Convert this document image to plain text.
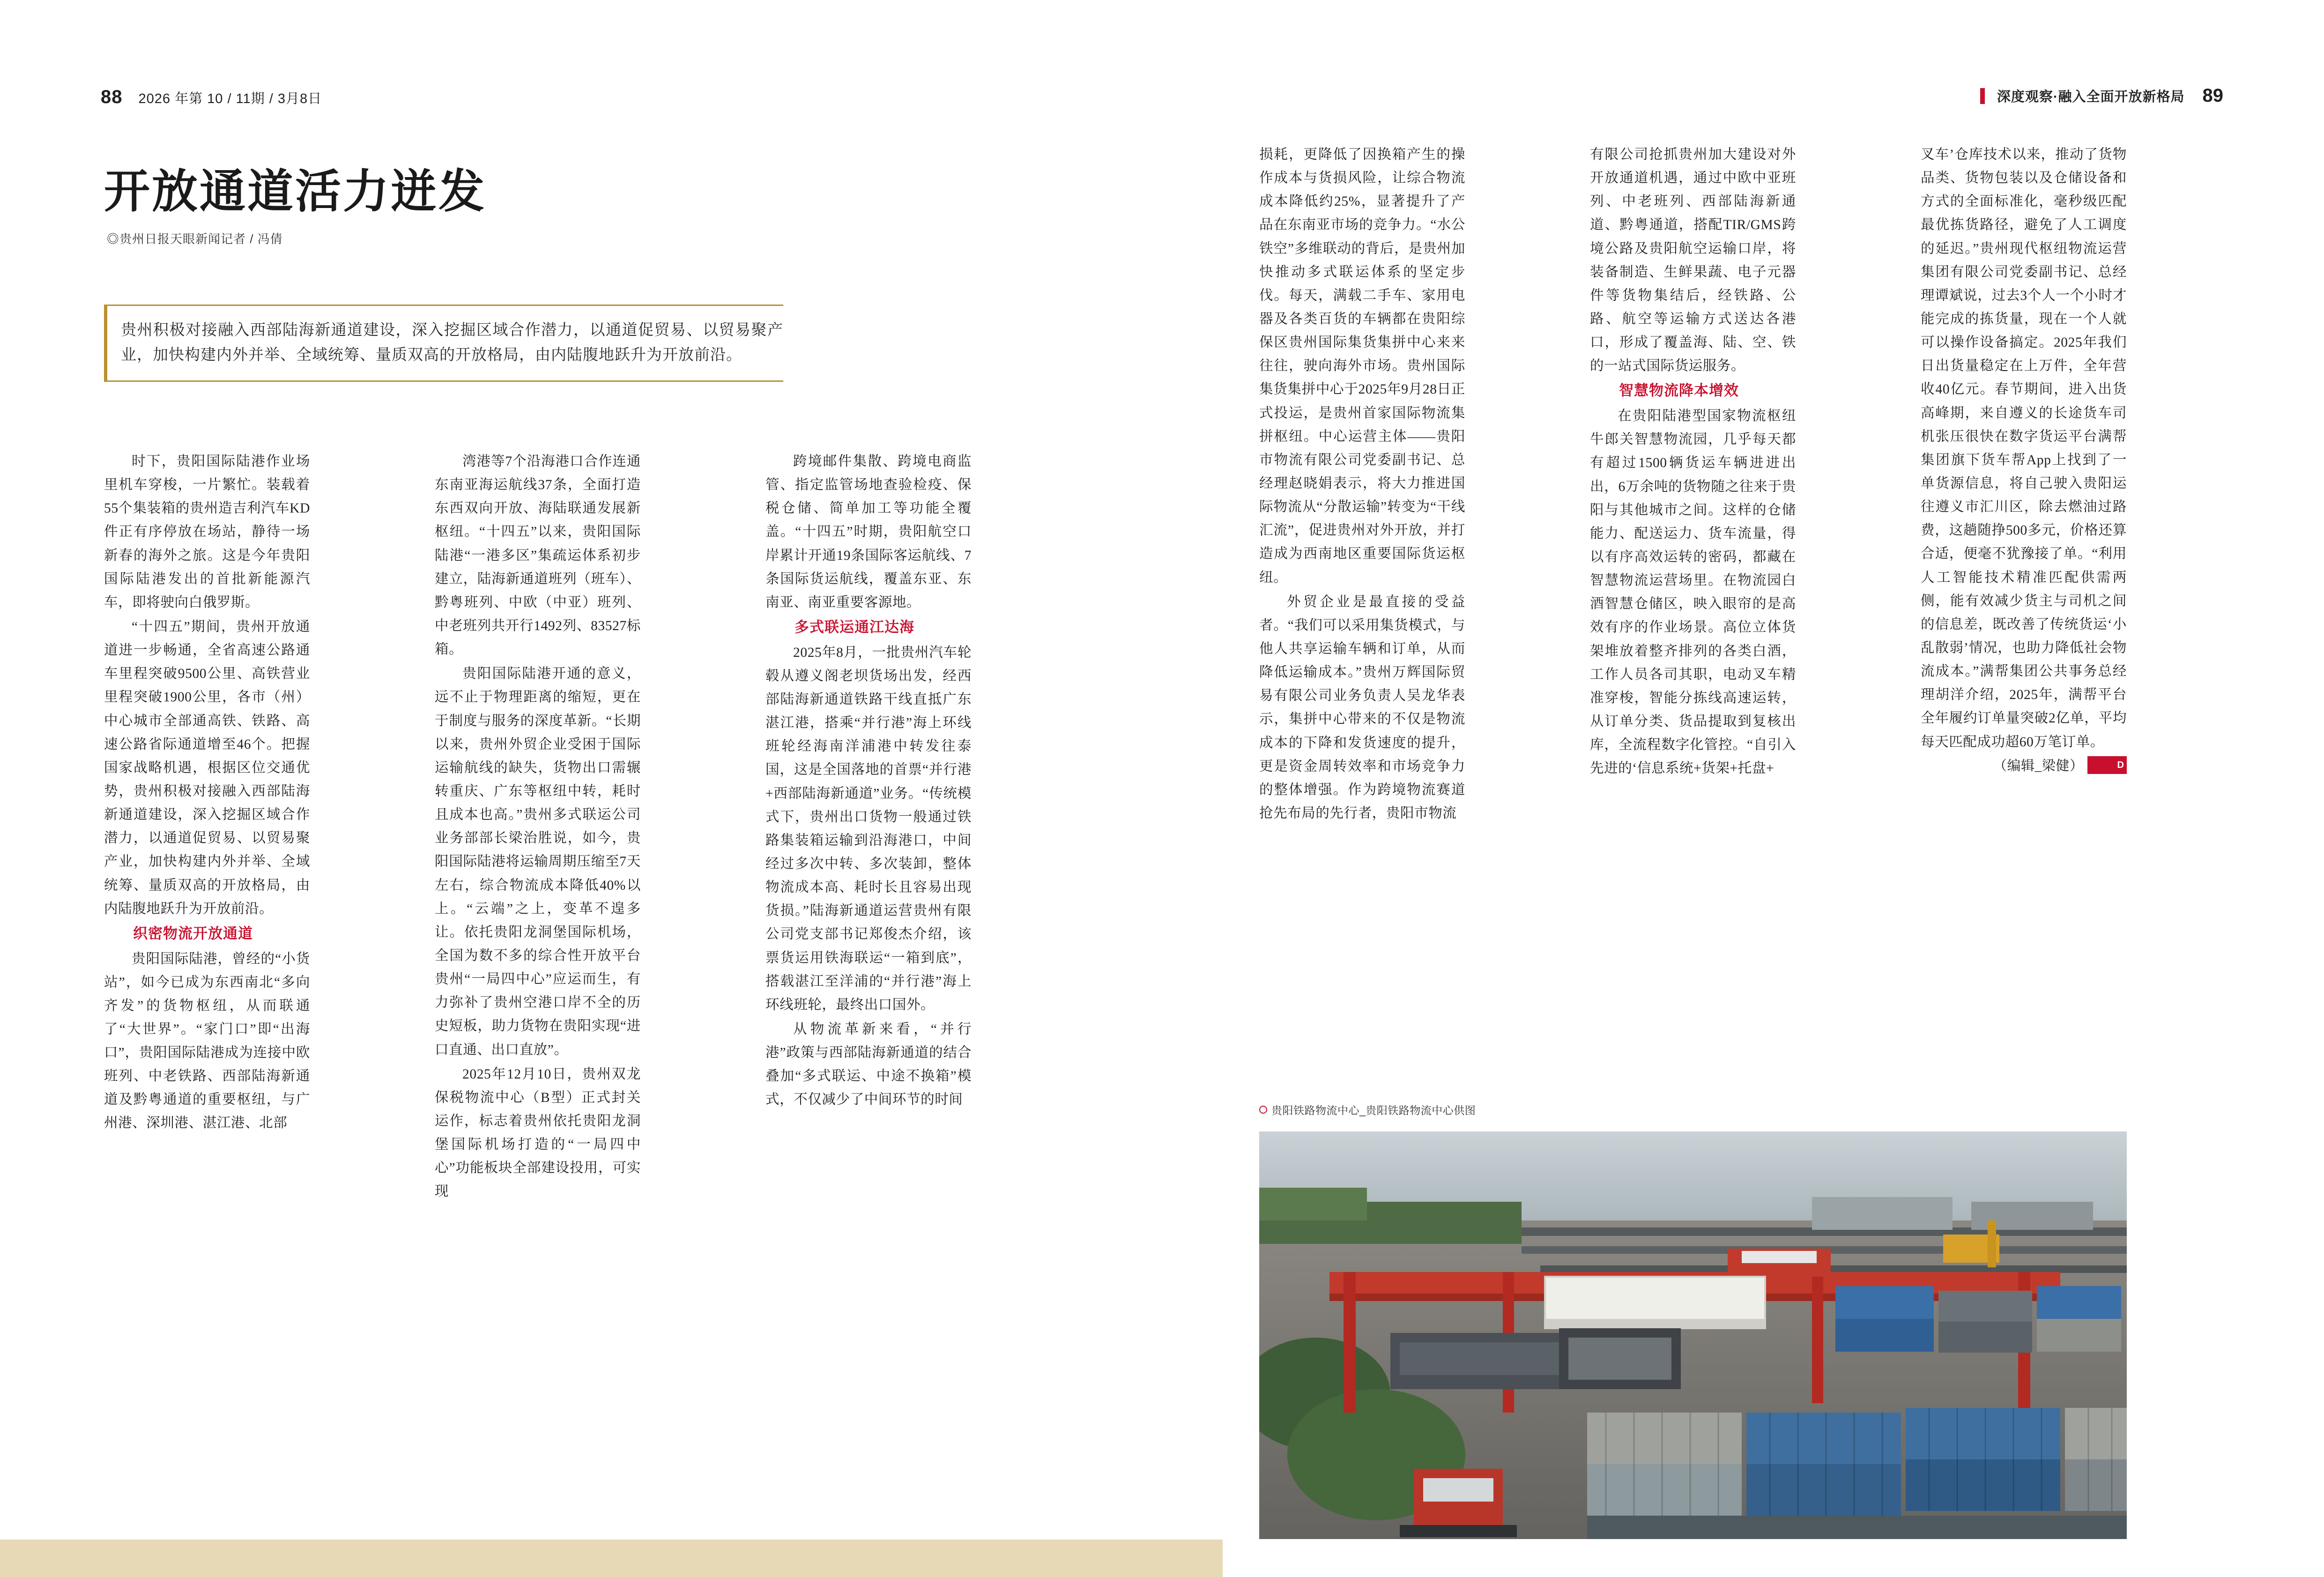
88 2026 年第 10 / 11期 / 3月8日	深度观察·融入全面开放新格局 89
开放通道活力迸发
◎贵州日报天眼新闻记者 / 冯倩

贵州积极对接融入西部陆海新通道建设，深入挖掘区域合作潜力，以通道促贸易、以贸易聚产业，加快构建内外并举、全域统筹、量质双高的开放格局，由内陆腹地跃升为开放前沿。

时下，贵阳国际陆港作业场里机车穿梭，一片繁忙。装载着55个集装箱的贵州造吉利汽车KD件正有序停放在场站，静待一场新春的海外之旅。这是今年贵阳国际陆港发出的首批新能源汽车，即将驶向白俄罗斯。

“十四五”期间，贵州开放通道进一步畅通，全省高速公路通车里程突破9500公里、高铁营业里程突破1900公里，各市（州）中心城市全部通高铁、铁路、高速公路省际通道增至46个。把握国家战略机遇，根据区位交通优势，贵州积极对接融入西部陆海新通道建设，深入挖掘区域合作潜力，以通道促贸易、以贸易聚产业，加快构建内外并举、全域统筹、量质双高的开放格局，由内陆腹地跃升为开放前沿。

织密物流开放通道

贵阳国际陆港，曾经的“小货站”，如今已成为东西南北“多向齐发”的货物枢纽，从而联通了“大世界”。“家门口”即“出海口”，贵阳国际陆港成为连接中欧班列、中老铁路、西部陆海新通道及黔粤通道的重要枢纽，与广州港、深圳港、湛江港、北部

湾港等7个沿海港口合作连通东南亚海运航线37条，全面打造东西双向开放、海陆联通发展新枢纽。“十四五”以来，贵阳国际陆港“一港多区”集疏运体系初步建立，陆海新通道班列（班车）、黔粤班列、中欧（中亚）班列、中老班列共开行1492列、83527标箱。

贵阳国际陆港开通的意义，远不止于物理距离的缩短，更在于制度与服务的深度革新。“长期以来，贵州外贸企业受困于国际运输航线的缺失，货物出口需辗转重庆、广东等枢纽中转，耗时且成本也高。”贵州多式联运公司业务部部长梁治胜说，如今，贵阳国际陆港将运输周期压缩至7天左右，综合物流成本降低40%以上。“云端”之上，变革不遑多让。依托贵阳龙洞堡国际机场，全国为数不多的综合性开放平台贵州“一局四中心”应运而生，有力弥补了贵州空港口岸不全的历史短板，助力货物在贵阳实现“进口直通、出口直放”。

2025年12月10日，贵州双龙保税物流中心（B型）正式封关运作，标志着贵州依托贵阳龙洞堡国际机场打造的“一局四中心”功能板块全部建设投用，可实现

跨境邮件集散、跨境电商监管、指定监管场地查验检疫、保税仓储、简单加工等功能全覆盖。“十四五”时期，贵阳航空口岸累计开通19条国际客运航线、7条国际货运航线，覆盖东亚、东南亚、南亚重要客源地。

多式联运通江达海

2025年8月，一批贵州汽车轮毂从遵义阁老坝货场出发，经西部陆海新通道铁路干线直抵广东湛江港，搭乘“并行港”海上环线班轮经海南洋浦港中转发往泰国，这是全国落地的首票“并行港+西部陆海新通道”业务。“传统模式下，贵州出口货物一般通过铁路集装箱运输到沿海港口，中间经过多次中转、多次装卸，整体物流成本高、耗时长且容易出现货损。”陆海新通道运营贵州有限公司党支部书记郑俊杰介绍，该票货运用铁海联运“一箱到底”，搭载湛江至洋浦的“并行港”海上环线班轮，最终出口国外。

从物流革新来看，“并行港”政策与西部陆海新通道的结合叠加“多式联运、中途不换箱”模式，不仅减少了中间环节的时间

损耗，更降低了因换箱产生的操作成本与货损风险，让综合物流成本降低约25%，显著提升了产品在东南亚市场的竞争力。“水公铁空”多维联动的背后，是贵州加快推动多式联运体系的坚定步伐。每天，满载二手车、家用电器及各类百货的车辆都在贵阳综保区贵州国际集货集拼中心来来往往，驶向海外市场。贵州国际集货集拼中心于2025年9月28日正式投运，是贵州首家国际物流集拼枢纽。中心运营主体——贵阳市物流有限公司党委副书记、总经理赵晓娟表示，将大力推进国际物流从“分散运输”转变为“干线汇流”，促进贵州对外开放，并打造成为西南地区重要国际货运枢纽。

外贸企业是最直接的受益者。“我们可以采用集货模式，与他人共享运输车辆和订单，从而降低运输成本。”贵州万辉国际贸易有限公司业务负责人吴龙华表示，集拼中心带来的不仅是物流成本的下降和发货速度的提升，更是资金周转效率和市场竞争力的整体增强。作为跨境物流赛道抢先布局的先行者，贵阳市物流

有限公司抢抓贵州加大建设对外开放通道机遇，通过中欧中亚班列、中老班列、西部陆海新通道、黔粤通道，搭配TIR/GMS跨境公路及贵阳航空运输口岸，将装备制造、生鲜果蔬、电子元器件等货物集结后，经铁路、公路、航空等运输方式送达各港口，形成了覆盖海、陆、空、铁的一站式国际货运服务。

智慧物流降本增效

在贵阳陆港型国家物流枢纽牛郎关智慧物流园，几乎每天都有超过1500辆货运车辆进进出出，6万余吨的货物随之往来于贵阳与其他城市之间。这样的仓储能力、配送运力、货车流量，得以有序高效运转的密码，都藏在智慧物流运营场里。在物流园白酒智慧仓储区，映入眼帘的是高效有序的作业场景。高位立体货架堆放着整齐排列的各类白酒，工作人员各司其职，电动叉车精准穿梭，智能分拣线高速运转，从订单分类、货品提取到复核出库，全流程数字化管控。“自引入先进的‘信息系统+货架+托盘+

叉车’仓库技术以来，推动了货物品类、货物包装以及仓储设备和方式的全面标准化，毫秒级匹配最优拣货路径，避免了人工调度的延迟。”贵州现代枢纽物流运营集团有限公司党委副书记、总经理谭斌说，过去3个人一个小时才能完成的拣货量，现在一个人就可以操作设备搞定。2025年我们日出货量稳定在上万件，全年营收40亿元。春节期间，进入出货高峰期，来自遵义的长途货车司机张压很快在数字货运平台满帮集团旗下货车帮App上找到了一单货源信息，将自己驶入贵阳运往遵义市汇川区，除去燃油过路费，这趟随挣500多元，价格还算合适，便毫不犹豫接了单。“利用人工智能技术精准匹配供需两侧，能有效减少货主与司机之间的信息差，既改善了传统货运‘小乱散弱’情况，也助力降低社会物流成本。”满帮集团公共事务总经理胡洋介绍，2025年，满帮平台全年履约订单量突破2亿单，平均每天匹配成功超60万笔订单。

（编辑_梁健）	D

贵阳铁路物流中心_贵阳铁路物流中心供图
